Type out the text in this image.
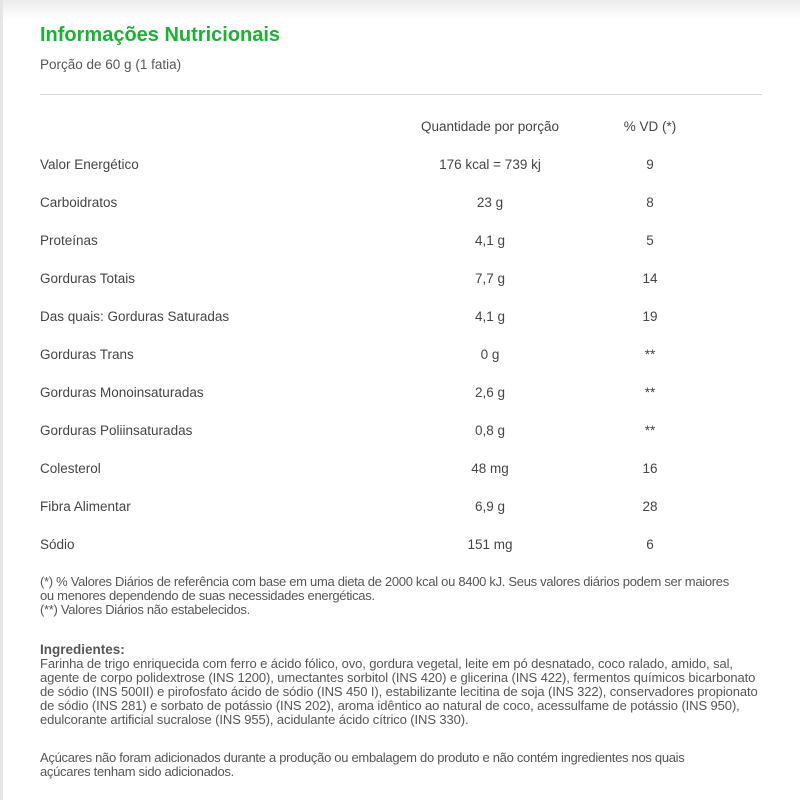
Informações Nutricionais
Porção de 60 g (1 fatia)
	Quantidade por porção	% VD (*)	
Valor Energético	176 kcal = 739 kj	9	
Carboidratos	23 g	8	
Proteínas	4,1 g	5	
Gorduras Totais	7,7 g	14	
Das quais: Gorduras Saturadas	4,1 g	19	
Gorduras Trans	0 g	**	
Gorduras Monoinsaturadas	2,6 g	**	
Gorduras Poliinsaturadas	0,8 g	**	
Colesterol	48 mg	16	
Fibra Alimentar	6,9 g	28	
Sódio	151 mg	6	
(*) % Valores Diários de referência com base em uma dieta de 2000 kcal ou 8400 kJ. Seus valores diários podem ser maiores ou menores dependendo de suas necessidades energéticas.
(**) Valores Diários não estabelecidos.
Ingredientes:
Farinha de trigo enriquecida com ferro e ácido fólico, ovo, gordura vegetal, leite em pó desnatado, coco ralado, amido, sal, agente de corpo polidextrose (INS 1200), umectantes sorbitol (INS 420) e glicerina (INS 422), fermentos químicos bicarbonato de sódio (INS 500II) e pirofosfato ácido de sódio (INS 450 I), estabilizante lecitina de soja (INS 322), conservadores propionato de sódio (INS 281) e sorbato de potássio (INS 202), aroma idêntico ao natural de coco, acessulfame de potássio (INS 950), edulcorante artificial sucralose (INS 955), acidulante ácido cítrico (INS 330).
Açúcares não foram adicionados durante a produção ou embalagem do produto e não contém ingredientes nos quais açúcares tenham sido adicionados.
